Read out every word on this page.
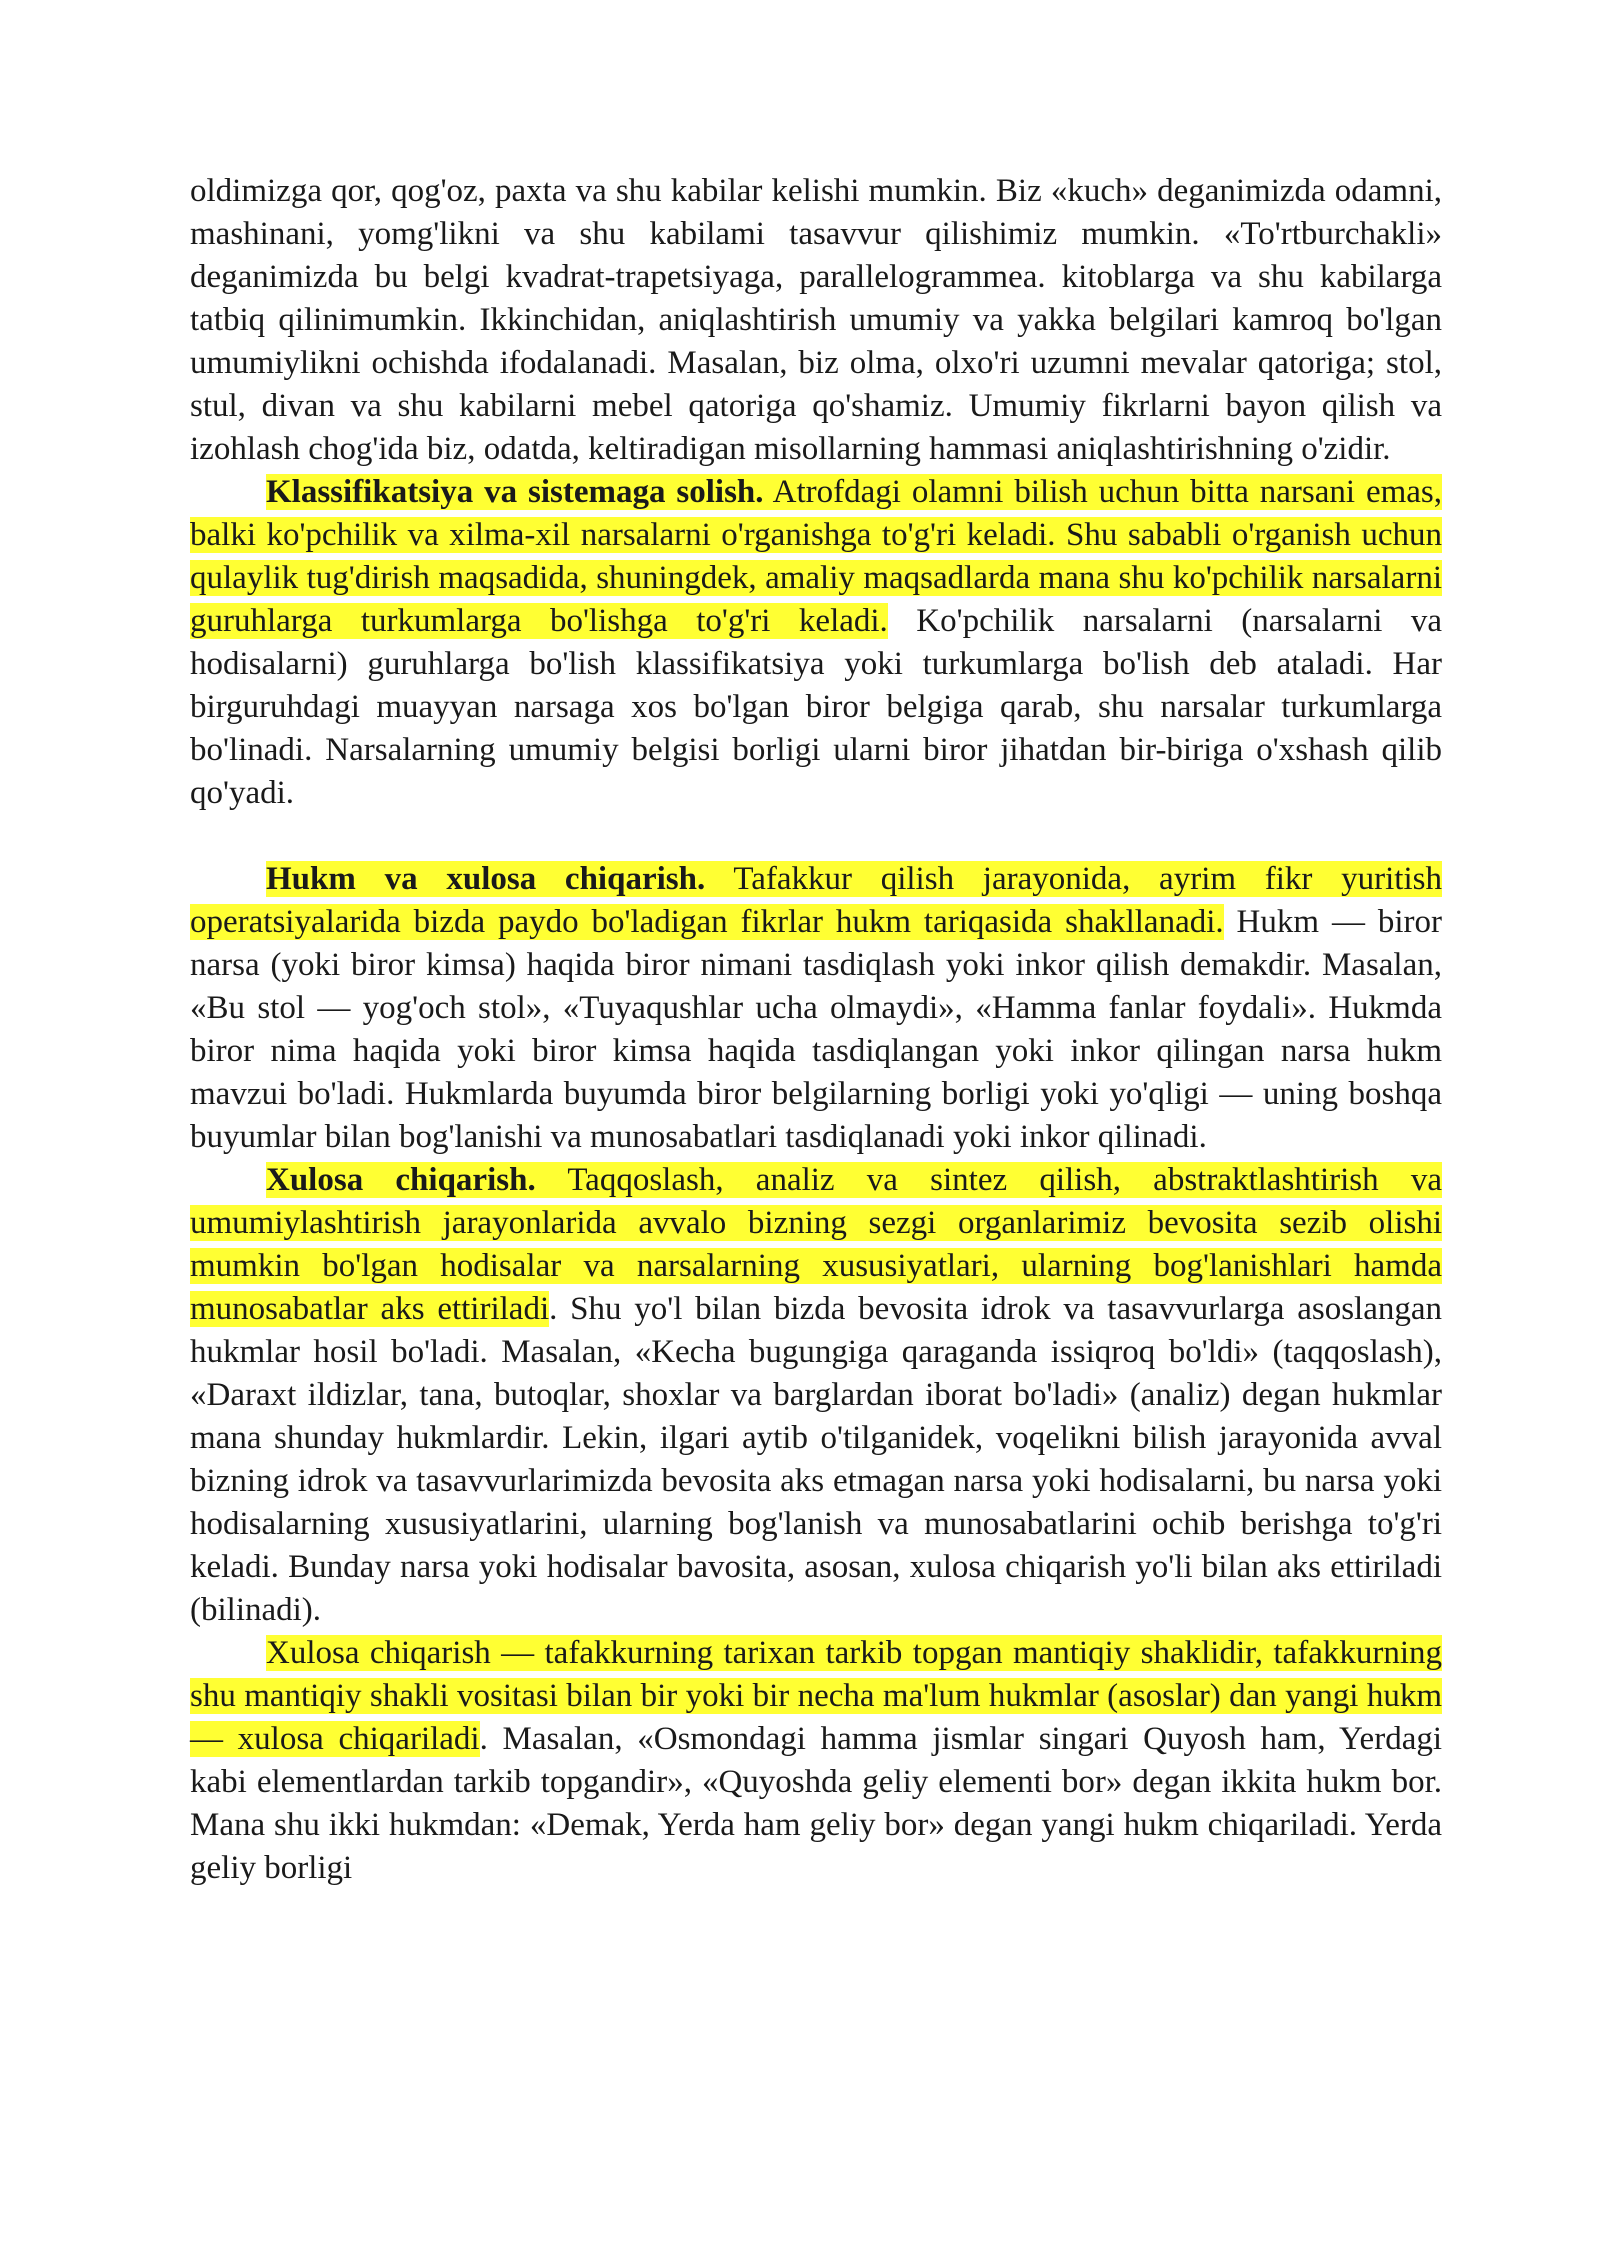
oldimizga qor, qog'oz, paxta va shu kabilar kelishi mumkin. Biz «kuch» deganimizda odamni, mashinani, yomg'likni va shu kabilami tasavvur qilishimiz mumkin. «To'rtburchakli» deganimizda bu belgi kvadrat-trapetsiyaga, parallelogrammea. kitoblarga va shu kabilarga tatbiq qilinimumkin. Ikkinchidan, aniqlashtirish umumiy va yakka belgilari kamroq bo'lgan umumiylikni ochishda ifodalanadi. Masalan, biz olma, olxo'ri uzumni mevalar qatoriga; stol, stul, divan va shu kabilarni mebel qatoriga qo'shamiz. Umumiy fikrlarni bayon qilish va izohlash chog'ida biz, odatda, keltiradigan misollarning hammasi aniqlashtirishning o'zidir.

Klassifikatsiya va sistemaga solish. Atrofdagi olamni bilish uchun bitta narsani emas, balki ko'pchilik va xilma-xil narsalarni o'rganishga to'g'ri keladi. Shu sababli o'rganish uchun qulaylik tug'dirish maqsadida, shuningdek, amaliy maqsadlarda mana shu ko'pchilik narsalarni guruhlarga turkumlarga bo'lishga to'g'ri keladi. Ko'pchilik narsalarni (narsalarni va hodisalarni) guruhlarga bo'lish klassifikatsiya yoki turkumlarga bo'lish deb ataladi. Har birguruhdagi muayyan narsaga xos bo'lgan biror belgiga qarab, shu narsalar turkumlarga bo'linadi. Narsalarning umumiy belgisi borligi ularni biror jihatdan bir-biriga o'xshash qilib qo'yadi.

Hukm va xulosa chiqarish. Tafakkur qilish jarayonida, ayrim fikr yuritish operatsiyalarida bizda paydo bo'ladigan fikrlar hukm tariqasida shakllanadi. Hukm — biror narsa (yoki biror kimsa) haqida biror nimani tasdiqlash yoki inkor qilish demakdir. Masalan, «Bu stol — yog'och stol», «Tuyaqushlar ucha olmaydi», «Hamma fanlar foydali». Hukmda biror nima haqida yoki biror kimsa haqida tasdiqlangan yoki inkor qilingan narsa hukm mavzui bo'ladi. Hukmlarda buyumda biror belgilarning borligi yoki yo'qligi — uning boshqa buyumlar bilan bog'lanishi va munosabatlari tasdiqlanadi yoki inkor qilinadi.

Xulosa chiqarish. Taqqoslash, analiz va sintez qilish, abstraktlashtirish va umumiylashtirish jarayonlarida avvalo bizning sezgi organlarimiz bevosita sezib olishi mumkin bo'lgan hodisalar va narsalarning xususiyatlari, ularning bog'lanishlari hamda munosabatlar aks ettiriladi. Shu yo'l bilan bizda bevosita idrok va tasavvurlarga asoslangan hukmlar hosil bo'ladi. Masalan, «Kecha bugungiga qaraganda issiqroq bo'ldi» (taqqoslash), «Daraxt ildizlar, tana, butoqlar, shoxlar va barglardan iborat bo'ladi» (analiz) degan hukmlar mana shunday hukmlardir. Lekin, ilgari aytib o'tilganidek, voqelikni bilish jarayonida avval bizning idrok va tasavvurlarimizda bevosita aks etmagan narsa yoki hodisalarni, bu narsa yoki hodisalarning xususiyatlarini, ularning bog'lanish va munosabatlarini ochib berishga to'g'ri keladi. Bunday narsa yoki hodisalar bavosita, asosan, xulosa chiqarish yo'li bilan aks ettiriladi (bilinadi).

Xulosa chiqarish — tafakkurning tarixan tarkib topgan mantiqiy shaklidir, tafakkurning shu mantiqiy shakli vositasi bilan bir yoki bir necha ma'lum hukmlar (asoslar) dan yangi hukm — xulosa chiqariladi. Masalan, «Osmondagi hamma jismlar singari Quyosh ham, Yerdagi kabi elementlardan tarkib topgandir», «Quyoshda geliy elementi bor» degan ikkita hukm bor. Mana shu ikki hukmdan: «Demak, Yerda ham geliy bor» degan yangi hukm chiqariladi. Yerda geliy borligi
